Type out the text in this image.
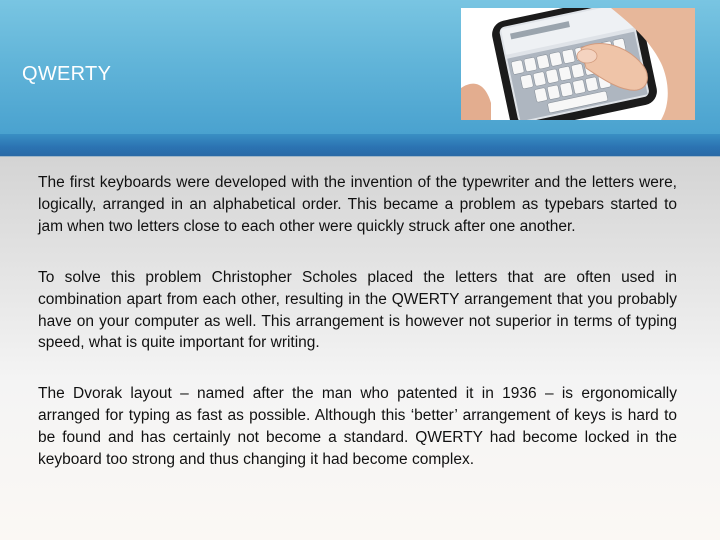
QWERTY

The first keyboards were developed with the invention of the typewriter and the letters were, logically, arranged in an alphabetical order. This became a problem as typebars started to jam when two letters close to each other were quickly struck after one another.

To solve this problem Christopher Scholes placed the letters that are often used in combination apart from each other, resulting in the QWERTY arrangement that you probably have on your computer as well. This arrangement is however not superior in terms of typing speed, what is quite important for writing.

The Dvorak layout – named after the man who patented it in 1936 – is ergonomically arranged for typing as fast as possible. Although this ‘better’ arrangement of keys is hard to be found and has certainly not become a standard. QWERTY had become locked in the keyboard too strong and thus changing it had become complex.
